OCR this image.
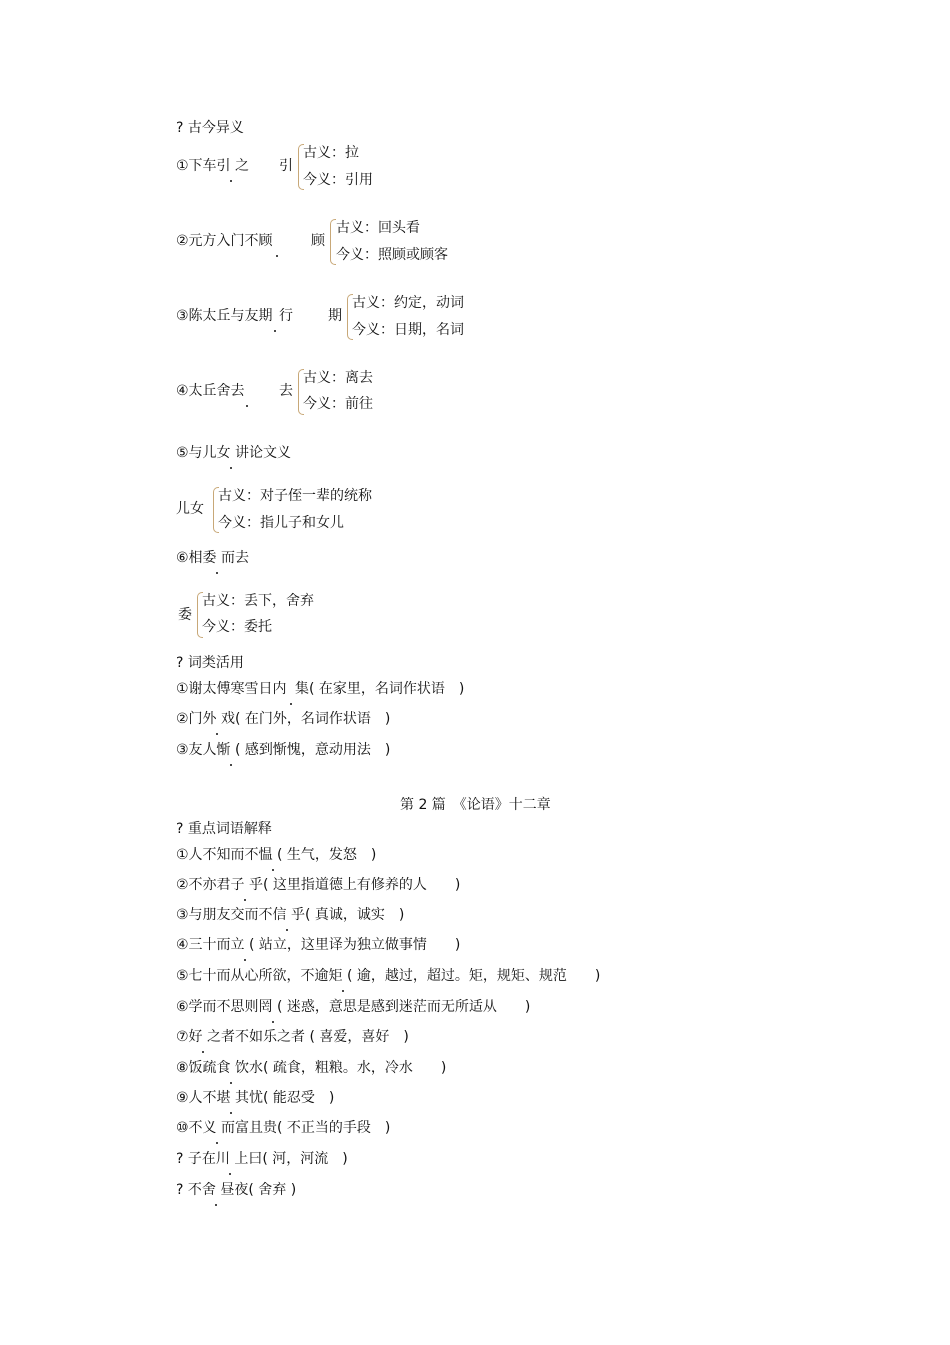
? 古今异义
①下车引 之 引
古义：拉
今义：引用
②元方入门不顾	顾
古义：回头看
今义：照顾或顾客
③陈太丘与友期 行 期
古义：约定，动词
今义：日期，名词
④太丘舍去 去
古义：离去
今义：前往
⑤与儿女 讲论文义
儿女
古义：对子侄一辈的统称
今义：指儿子和女儿
⑥相委 而去
委
古义：丢下，舍弃
今义：委托
? 词类活用
①谢太傅寒雪日内 集( 在家里，名词作状语　)
②门外 戏( 在门外，名词作状语　)
③友人惭 ( 感到惭愧，意动用法　)
第 2 篇　《论语》十二章
? 重点词语解释
①人不知而不愠 ( 生气，发怒　)
②不亦君子 乎( 这里指道德上有修养的人　　)
③与朋友交而不信 乎( 真诚，诚实　)
④三十而立 ( 站立，这里译为独立做事情　　)
⑤七十而从心所欲，不逾矩 ( 逾，越过，超过。矩，规矩、规范　　)
⑥学而不思则罔 ( 迷惑，意思是感到迷茫而无所适从　　)
⑦好 之者不如乐之者 ( 喜爱，喜好　)
⑧饭疏食 饮水( 疏食，粗粮。水，冷水　　)
⑨人不堪 其忧( 能忍受　)
⑩不义 而富且贵( 不正当的手段　)
? 子在川 上曰( 河，河流　)
? 不舍 昼夜( 舍弃 )
